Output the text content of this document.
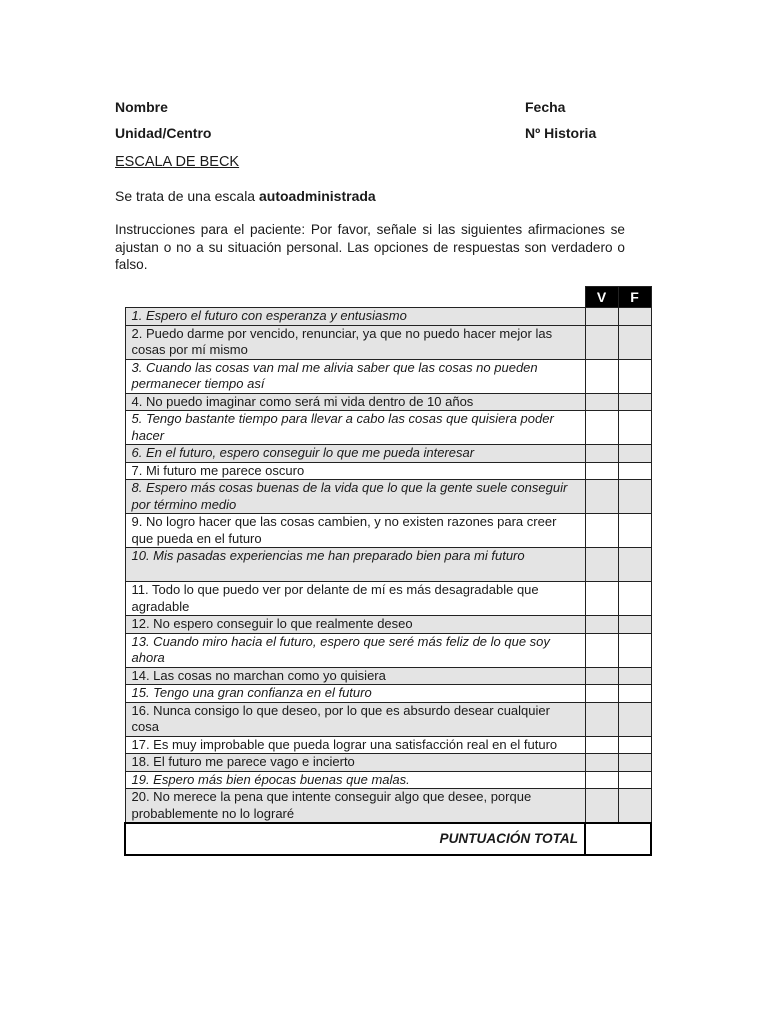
Nombre	Fecha
Unidad/Centro	Nº Historia
ESCALA DE BECK
Se trata de una escala autoadministrada
Instrucciones para el paciente: Por favor, señale si las siguientes afirmaciones se ajustan o no a su situación personal. Las opciones de respuestas son verdadero o falso.
	V	F
1. Espero el futuro con esperanza y entusiasmo		
2. Puedo darme por vencido, renunciar, ya que no puedo hacer mejor las cosas por mí mismo		
3. Cuando las cosas van mal me alivia saber que las cosas no pueden permanecer tiempo así		
4. No puedo imaginar como será mi vida dentro de 10 años		
5. Tengo bastante tiempo para llevar a cabo las cosas que quisiera poder hacer		
6. En el futuro, espero conseguir lo que me pueda interesar		
7. Mi futuro me parece oscuro		
8. Espero más cosas buenas de la vida que lo que la gente suele conseguir por término medio		
9. No logro hacer que las cosas cambien, y no existen razones para creer que pueda en el futuro		
10. Mis pasadas experiencias me han preparado bien para mi futuro		
11. Todo lo que puedo ver por delante de mí es más desagradable que agradable		
12. No espero conseguir lo que realmente deseo		
13. Cuando miro hacia el futuro, espero que seré más feliz de lo que soy ahora		
14. Las cosas no marchan como yo quisiera		
15. Tengo una gran confianza en el futuro		
16. Nunca consigo lo que deseo, por lo que es absurdo desear cualquier cosa		
17. Es muy improbable que pueda lograr una satisfacción real en el futuro		
18. El futuro me parece vago e incierto		
19. Espero más bien épocas buenas que malas.		
20. No merece la pena que intente conseguir algo que desee, porque probablemente no lo lograré		
PUNTUACIÓN TOTAL		
